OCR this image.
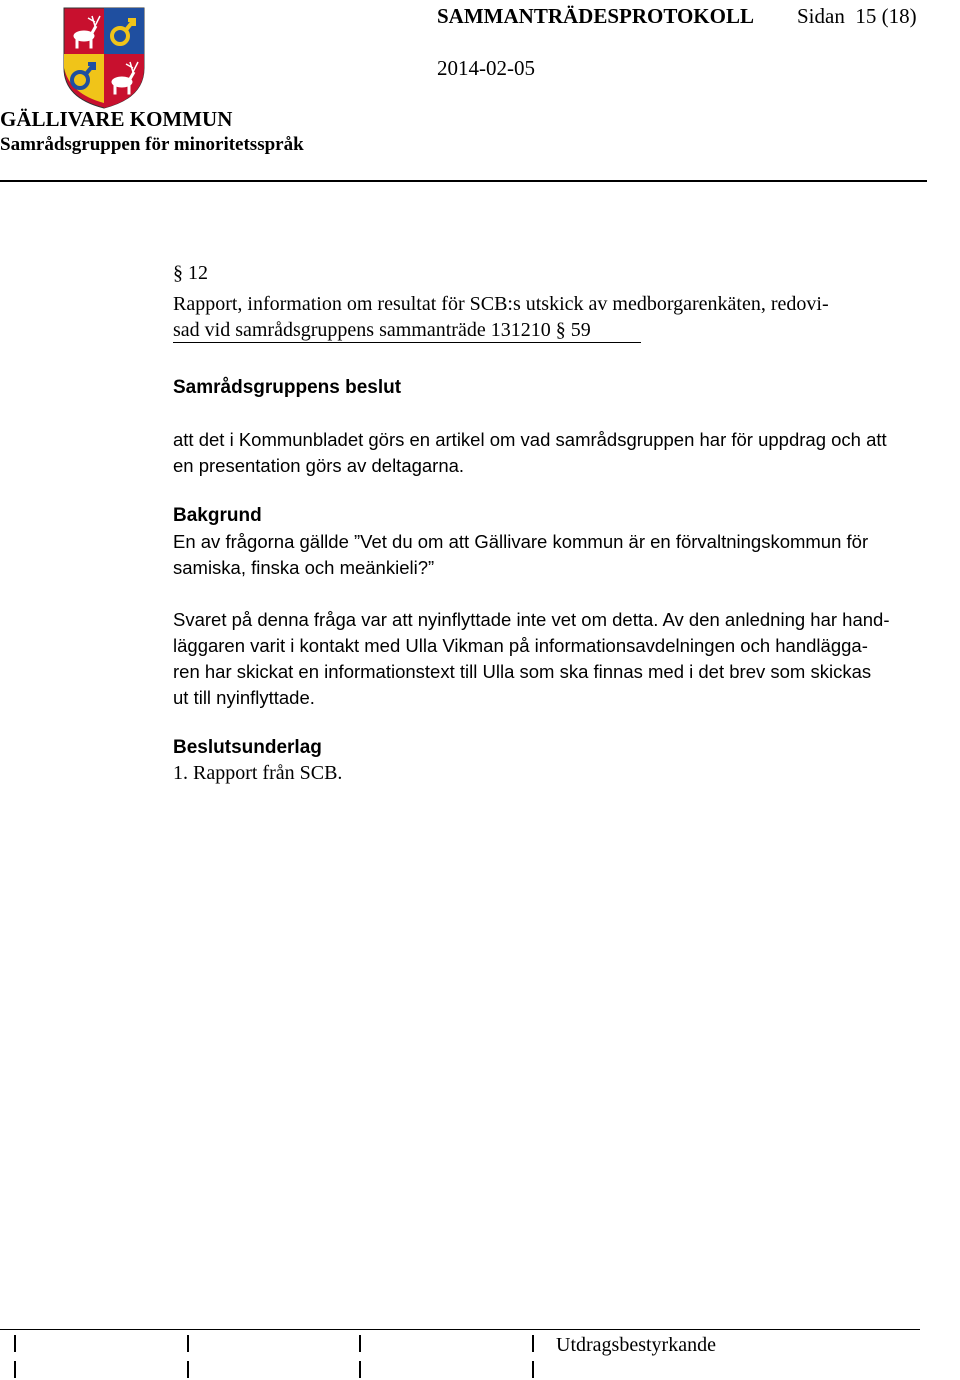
SAMMANTRÄDESPROTOKOLL Sidan  15 (18)
2014-02-05
GÄLLIVARE KOMMUN
Samrådsgruppen för minoritetsspråk
§ 12
Rapport, information om resultat för SCB:s utskick av medborgarenkäten, redovi-
sad vid samrådsgruppens sammanträde 131210 § 59
Samrådsgruppens beslut
att det i Kommunbladet görs en artikel om vad samrådsgruppen har för uppdrag och att
en presentation görs av deltagarna.
Bakgrund
En av frågorna gällde ”Vet du om att Gällivare kommun är en förvaltningskommun för
samiska, finska och meänkieli?”
Svaret på denna fråga var att nyinflyttade inte vet om detta. Av den anledning har hand-
läggaren varit i kontakt med Ulla Vikman på informationsavdelningen och handlägga-
ren har skickat en informationstext till Ulla som ska finnas med i det brev som skickas
ut till nyinflyttade.
Beslutsunderlag
1. Rapport från SCB.
Utdragsbestyrkande
